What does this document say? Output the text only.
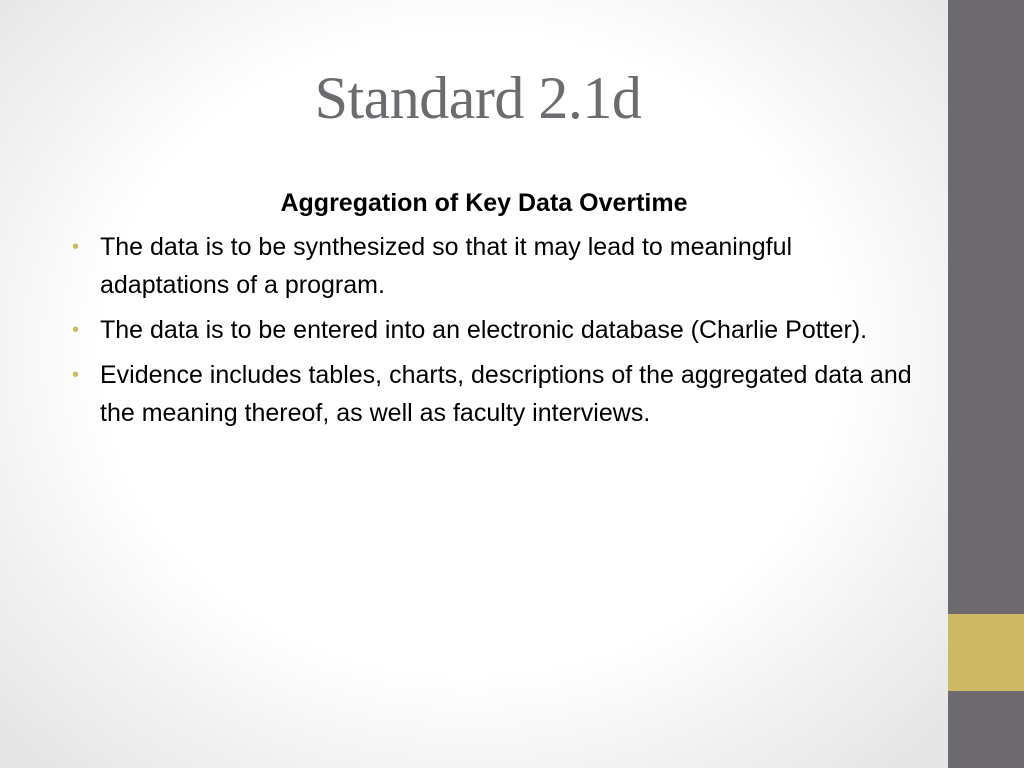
Standard 2.1d
Aggregation of Key Data Overtime
• The data is to be synthesized so that it may lead to meaningful adaptations of a program.
• The data is to be entered into an electronic database (Charlie Potter).
• Evidence includes tables, charts, descriptions of the aggregated data and the meaning thereof, as well as faculty interviews.
